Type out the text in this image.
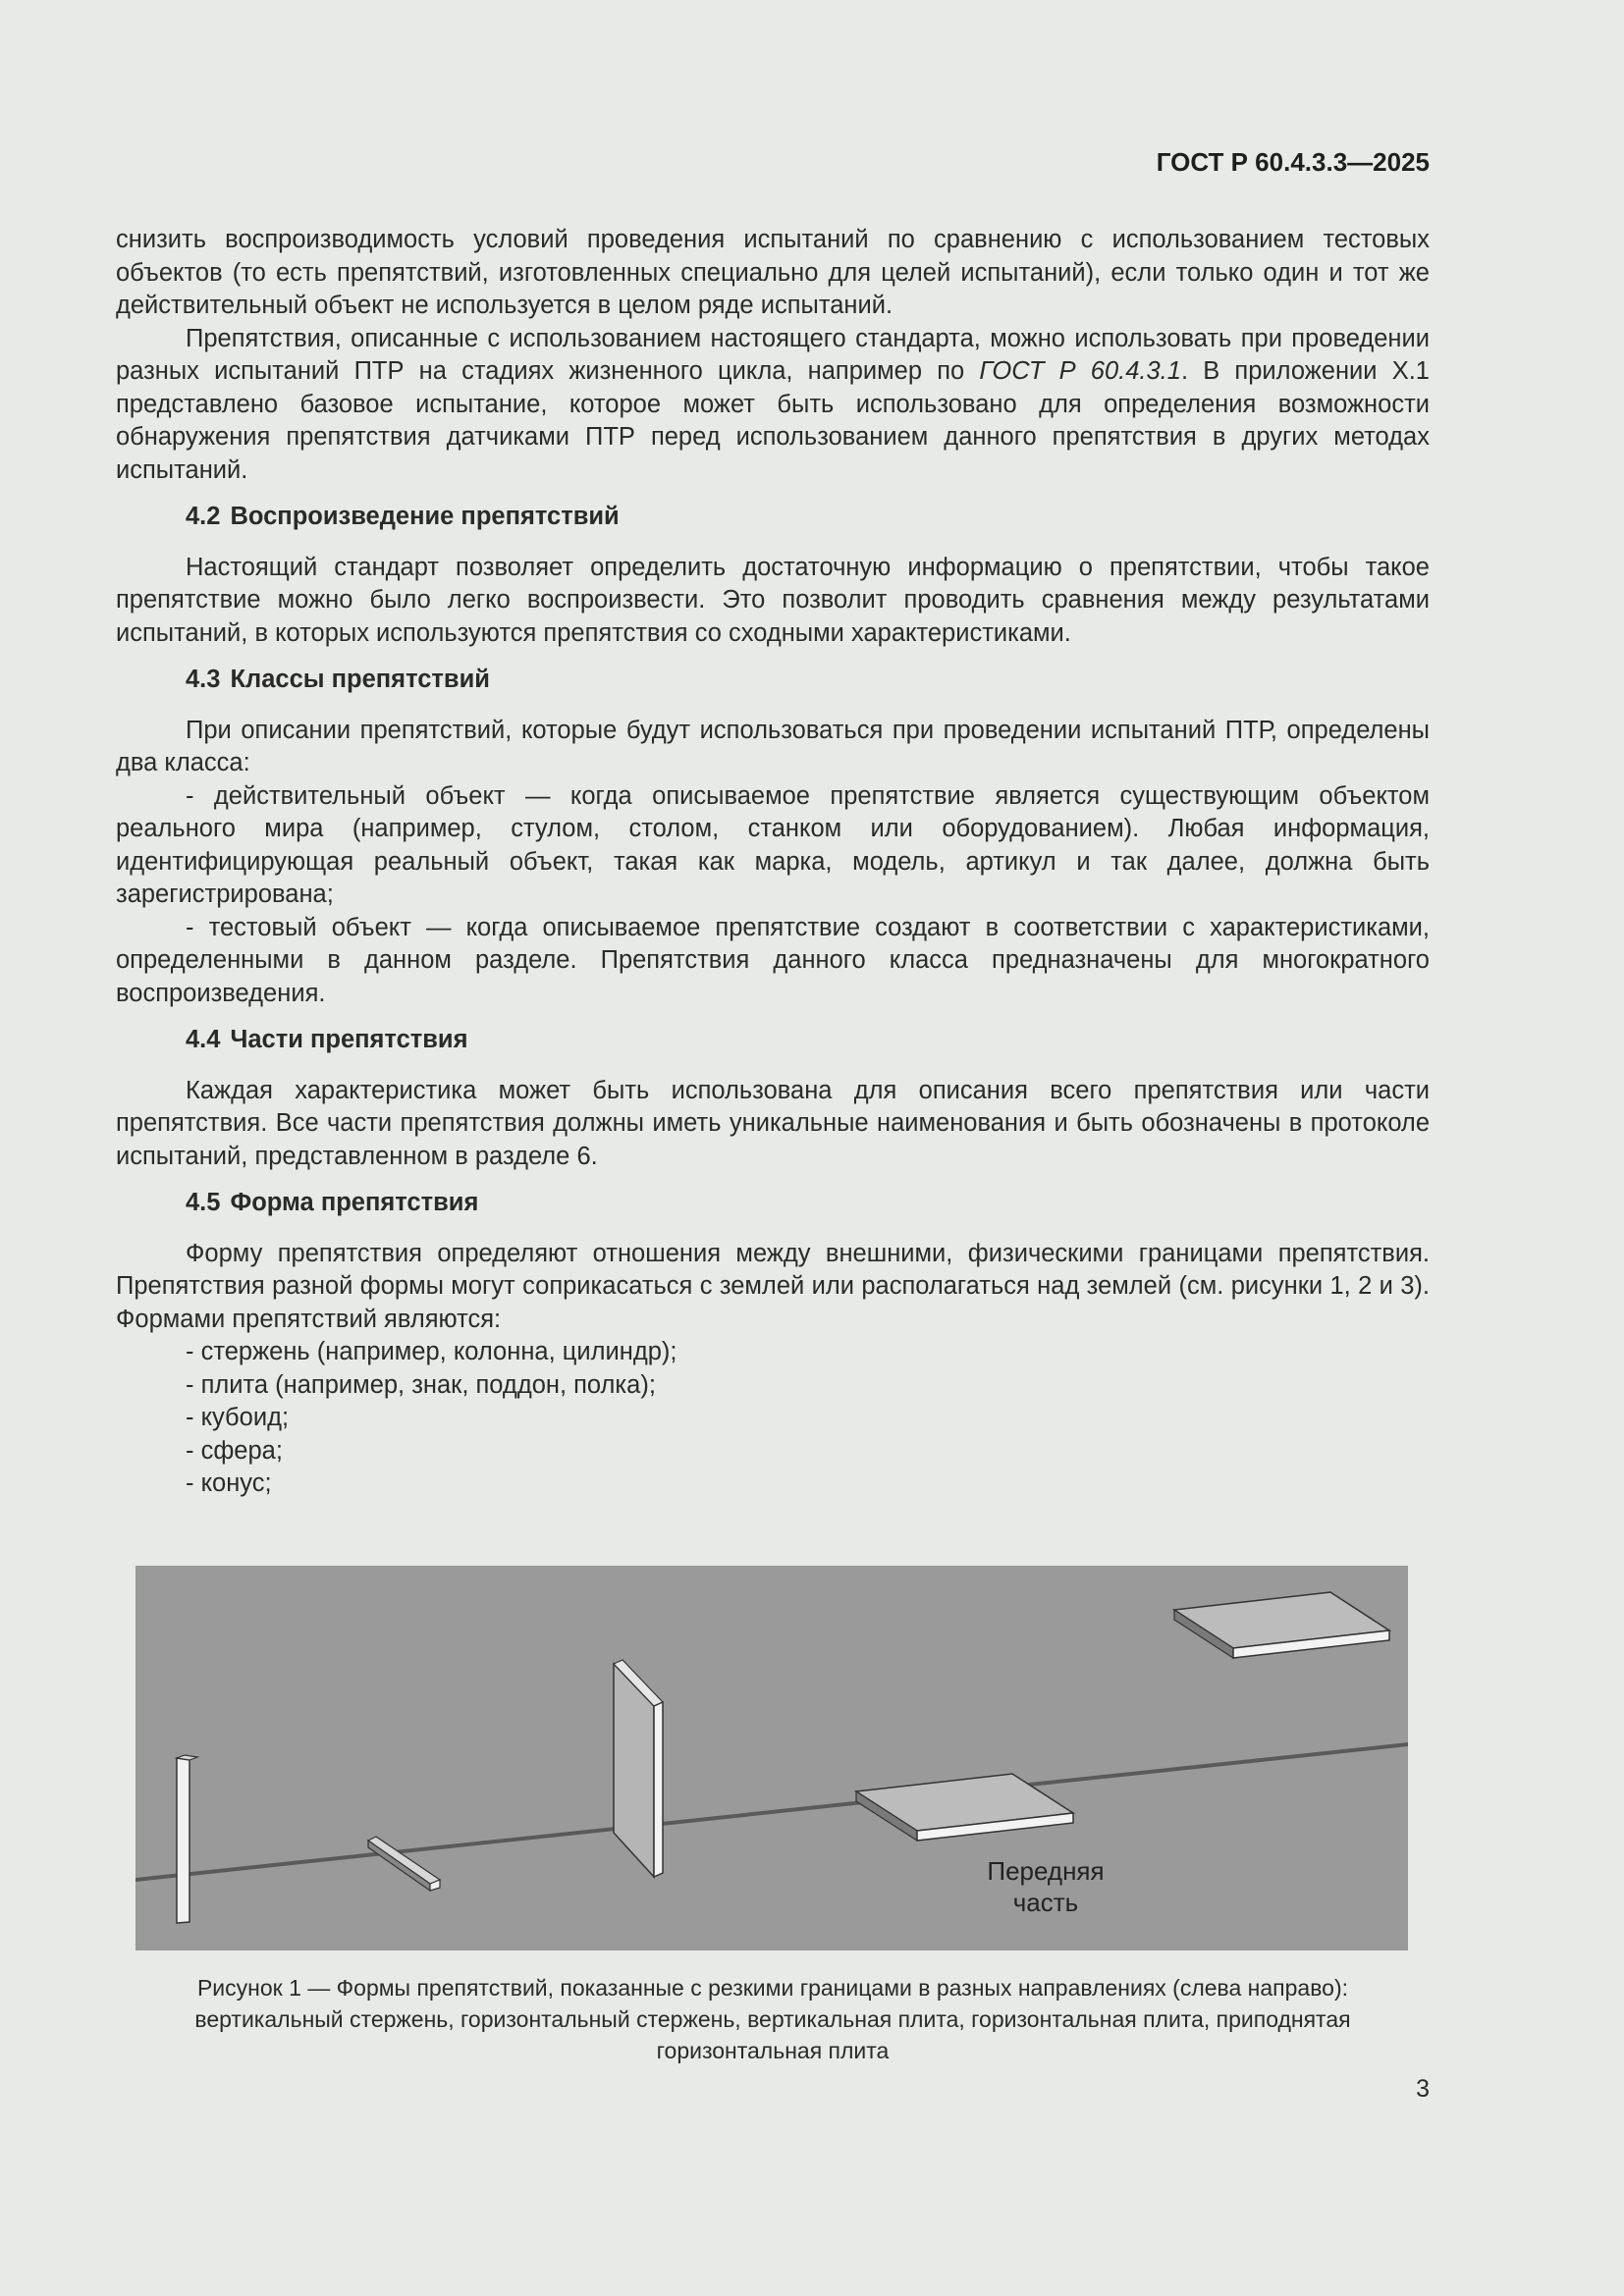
ГОСТ Р 60.4.3.3—2025

снизить воспроизводимость условий проведения испытаний по сравнению с использованием тестовых объектов (то есть препятствий, изготовленных специально для целей испытаний), если только один и тот же действительный объект не используется в целом ряде испытаний.

Препятствия, описанные с использованием настоящего стандарта, можно использовать при проведении разных испытаний ПТР на стадиях жизненного цикла, например по ГОСТ Р 60.4.3.1. В приложении Х.1 представлено базовое испытание, которое может быть использовано для определения возможности обнаружения препятствия датчиками ПТР перед использованием данного препятствия в других методах испытаний.

4.2 Воспроизведение препятствий

Настоящий стандарт позволяет определить достаточную информацию о препятствии, чтобы такое препятствие можно было легко воспроизвести. Это позволит проводить сравнения между результатами испытаний, в которых используются препятствия со сходными характеристиками.

4.3 Классы препятствий

При описании препятствий, которые будут использоваться при проведении испытаний ПТР, определены два класса:

- действительный объект — когда описываемое препятствие является существующим объектом реального мира (например, стулом, столом, станком или оборудованием). Любая информация, идентифицирующая реальный объект, такая как марка, модель, артикул и так далее, должна быть зарегистрирована;

- тестовый объект — когда описываемое препятствие создают в соответствии с характеристиками, определенными в данном разделе. Препятствия данного класса предназначены для многократного воспроизведения.

4.4 Части препятствия

Каждая характеристика может быть использована для описания всего препятствия или части препятствия. Все части препятствия должны иметь уникальные наименования и быть обозначены в протоколе испытаний, представленном в разделе 6.

4.5 Форма препятствия

Форму препятствия определяют отношения между внешними, физическими границами препятствия. Препятствия разной формы могут соприкасаться с землей или располагаться над землей (см. рисунки 1, 2 и 3). Формами препятствий являются:

- стержень (например, колонна, цилиндр);

- плита (например, знак, поддон, полка);

- кубоид;

- сфера;

- конус;

Передняя
часть
Рисунок 1 — Формы препятствий, показанные с резкими границами в разных направлениях (слева направо):
вертикальный стержень, горизонтальный стержень, вертикальная плита, горизонтальная плита, приподнятая
горизонтальная плита
3
